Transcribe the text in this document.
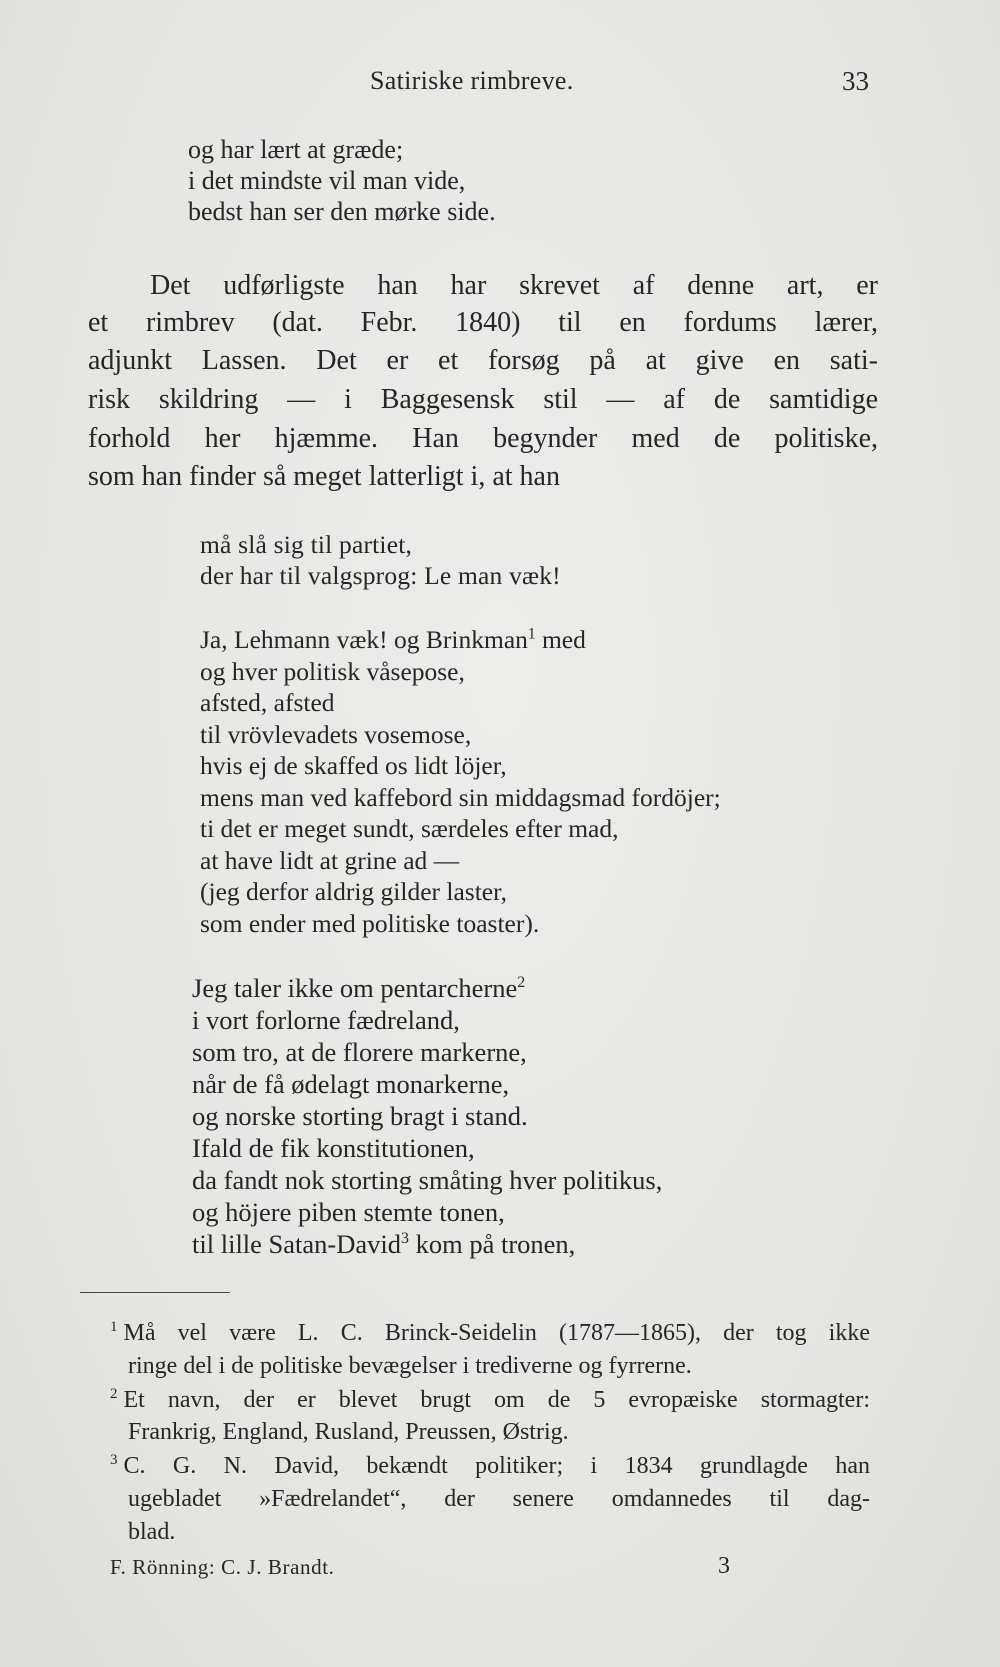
Satiriske rimbreve.	33
og har lært at græde;
i det mindste vil man vide,
bedst han ser den mørke side.
Det udførligste han har skrevet af denne art, er
et rimbrev (dat. Febr. 1840) til en fordums lærer,
adjunkt Lassen. Det er et forsøg på at give en sati-
risk skildring — i Baggesensk stil — af de samtidige
forhold her hjæmme. Han begynder med de politiske,
som han finder så meget latterligt i, at han
må slå sig til partiet,
der har til valgsprog: Le man væk!
Ja, Lehmann væk! og Brinkman$^1$ med
og hver politisk våsepose,
afsted, afsted
til vrövlevadets vosemose,
hvis ej de skaffed os lidt löjer,
mens man ved kaffebord sin middagsmad fordöjer;
ti det er meget sundt, særdeles efter mad,
at have lidt at grine ad —
(jeg derfor aldrig gilder laster,
som ender med politiske toaster).
Jeg taler ikke om pentarcherne$^2$
i vort forlorne fædreland,
som tro, at de florere markerne,
når de få ødelagt monarkerne,
og norske storting bragt i stand.
Ifald de fik konstitutionen,
da fandt nok storting småting hver politikus,
og höjere piben stemte tonen,
til lille Satan-David$^3$ kom på tronen,
$^1$ Må vel være L. C. Brinck-Seidelin (1787—1865), der tog ikke
ringe del i de politiske bevægelser i trediverne og fyrrerne.
$^2$ Et navn, der er blevet brugt om de 5 evropæiske stormagter:
Frankrig, England, Rusland, Preussen, Østrig.
$^3$ C. G. N. David, bekændt politiker; i 1834 grundlagde han
ugebladet »Fædrelandet“, der senere omdannedes til dag-
blad.
F. Rönning: C. J. Brandt.	3
